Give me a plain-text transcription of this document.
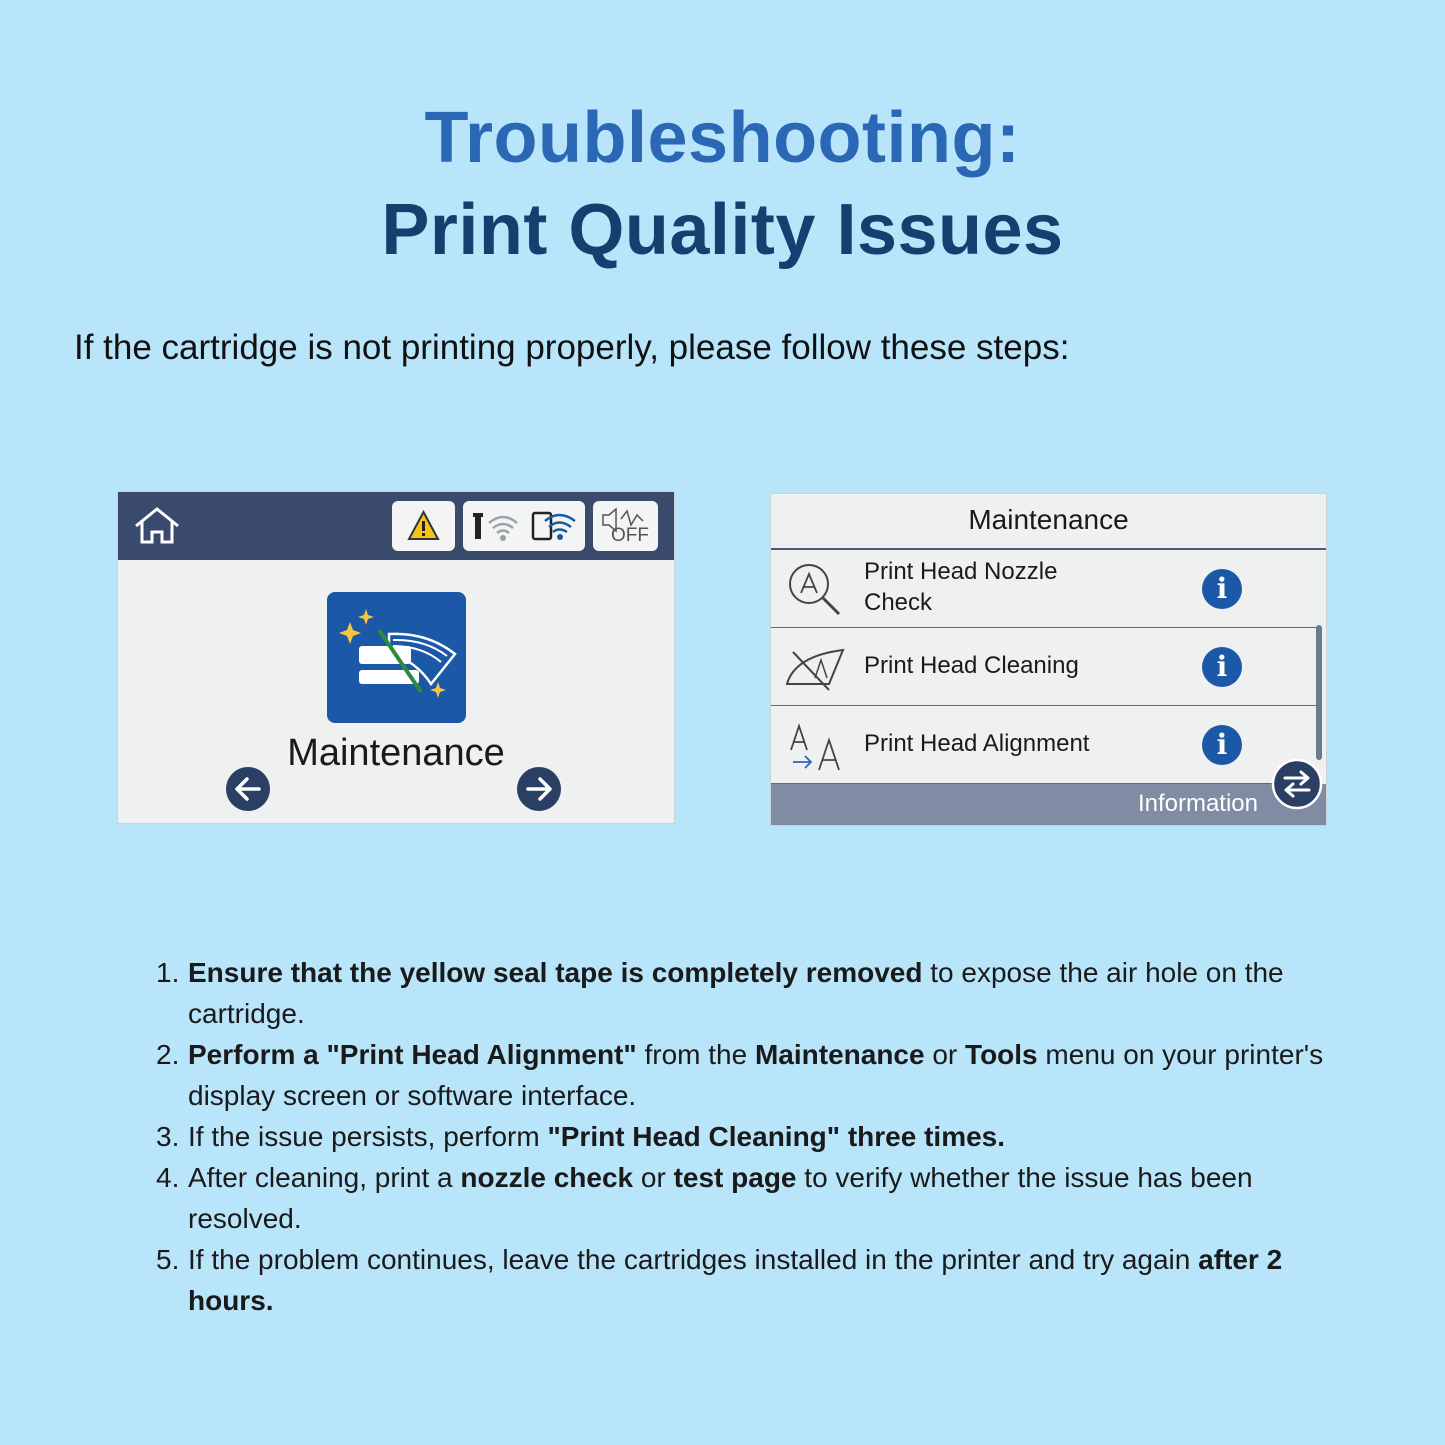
Troubleshooting:
Print Quality Issues
If the cartridge is not printing properly, please follow these steps:
OFF
Maintenance
Maintenance
Print Head Nozzle
Check	i
Print Head Cleaning	i
Print Head Alignment	i
Information
1. Ensure that the yellow seal tape is completely removed to expose the air hole on the cartridge.
2. Perform a "Print Head Alignment" from the Maintenance or Tools menu on your printer's display screen or software interface.
3. If the issue persists, perform "Print Head Cleaning" three times.
4. After cleaning, print a nozzle check or test page to verify whether the issue has been resolved.
5. If the problem continues, leave the cartridges installed in the printer and try again after 2 hours.
